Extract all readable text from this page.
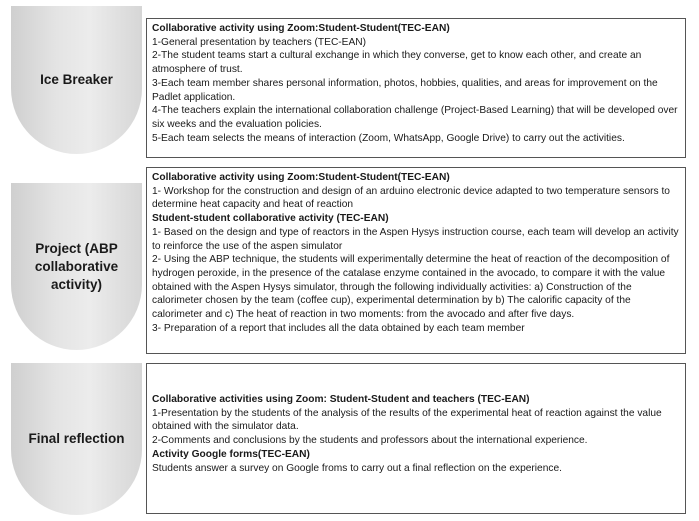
Ice Breaker

Collaborative activity using Zoom:Student-Student(TEC-EAN)

1-General presentation by teachers (TEC-EAN)

2-The student teams start a cultural exchange in which they converse, get to know each other, and create an atmosphere of trust.

3-Each team member shares personal information, photos, hobbies, qualities, and areas for improvement on the Padlet application.

4-The teachers explain the international collaboration challenge (Project-Based Learning) that will be developed over six weeks and the evaluation policies.

5-Each team selects the means of interaction (Zoom, WhatsApp, Google Drive) to carry out the activities.

Project (ABP collaborative activity)

Collaborative activity using Zoom:Student-Student(TEC-EAN)

1- Workshop for the construction and design of an arduino electronic device adapted to two temperature sensors to determine heat capacity and heat of reaction

Student-student collaborative activity (TEC-EAN)

1- Based on the design and type of reactors in the Aspen Hysys instruction course, each team will develop an activity to reinforce the use of the aspen simulator

2- Using the ABP technique, the students will experimentally determine the heat of reaction of the decomposition of hydrogen peroxide, in the presence of the catalase enzyme contained in the avocado, to compare it with the value obtained with the Aspen Hysys simulator, through the following individually activities: a) Construction of the calorimeter chosen by the team (coffee cup), experimental determination by b) The calorific capacity of the calorimeter and c) The heat of reaction in two moments: from the avocado and after five days.

3- Preparation of a report that includes all the data obtained by each team member

Final reflection

Collaborative activities using Zoom: Student-Student and teachers (TEC-EAN)

1-Presentation by the students of the analysis of the results of the experimental heat of reaction against the value obtained with the simulator data.

2-Comments and conclusions by the students and professors about the international experience.

Activity Google forms(TEC-EAN)

Students answer a survey on Google froms to carry out a final reflection on the experience.
